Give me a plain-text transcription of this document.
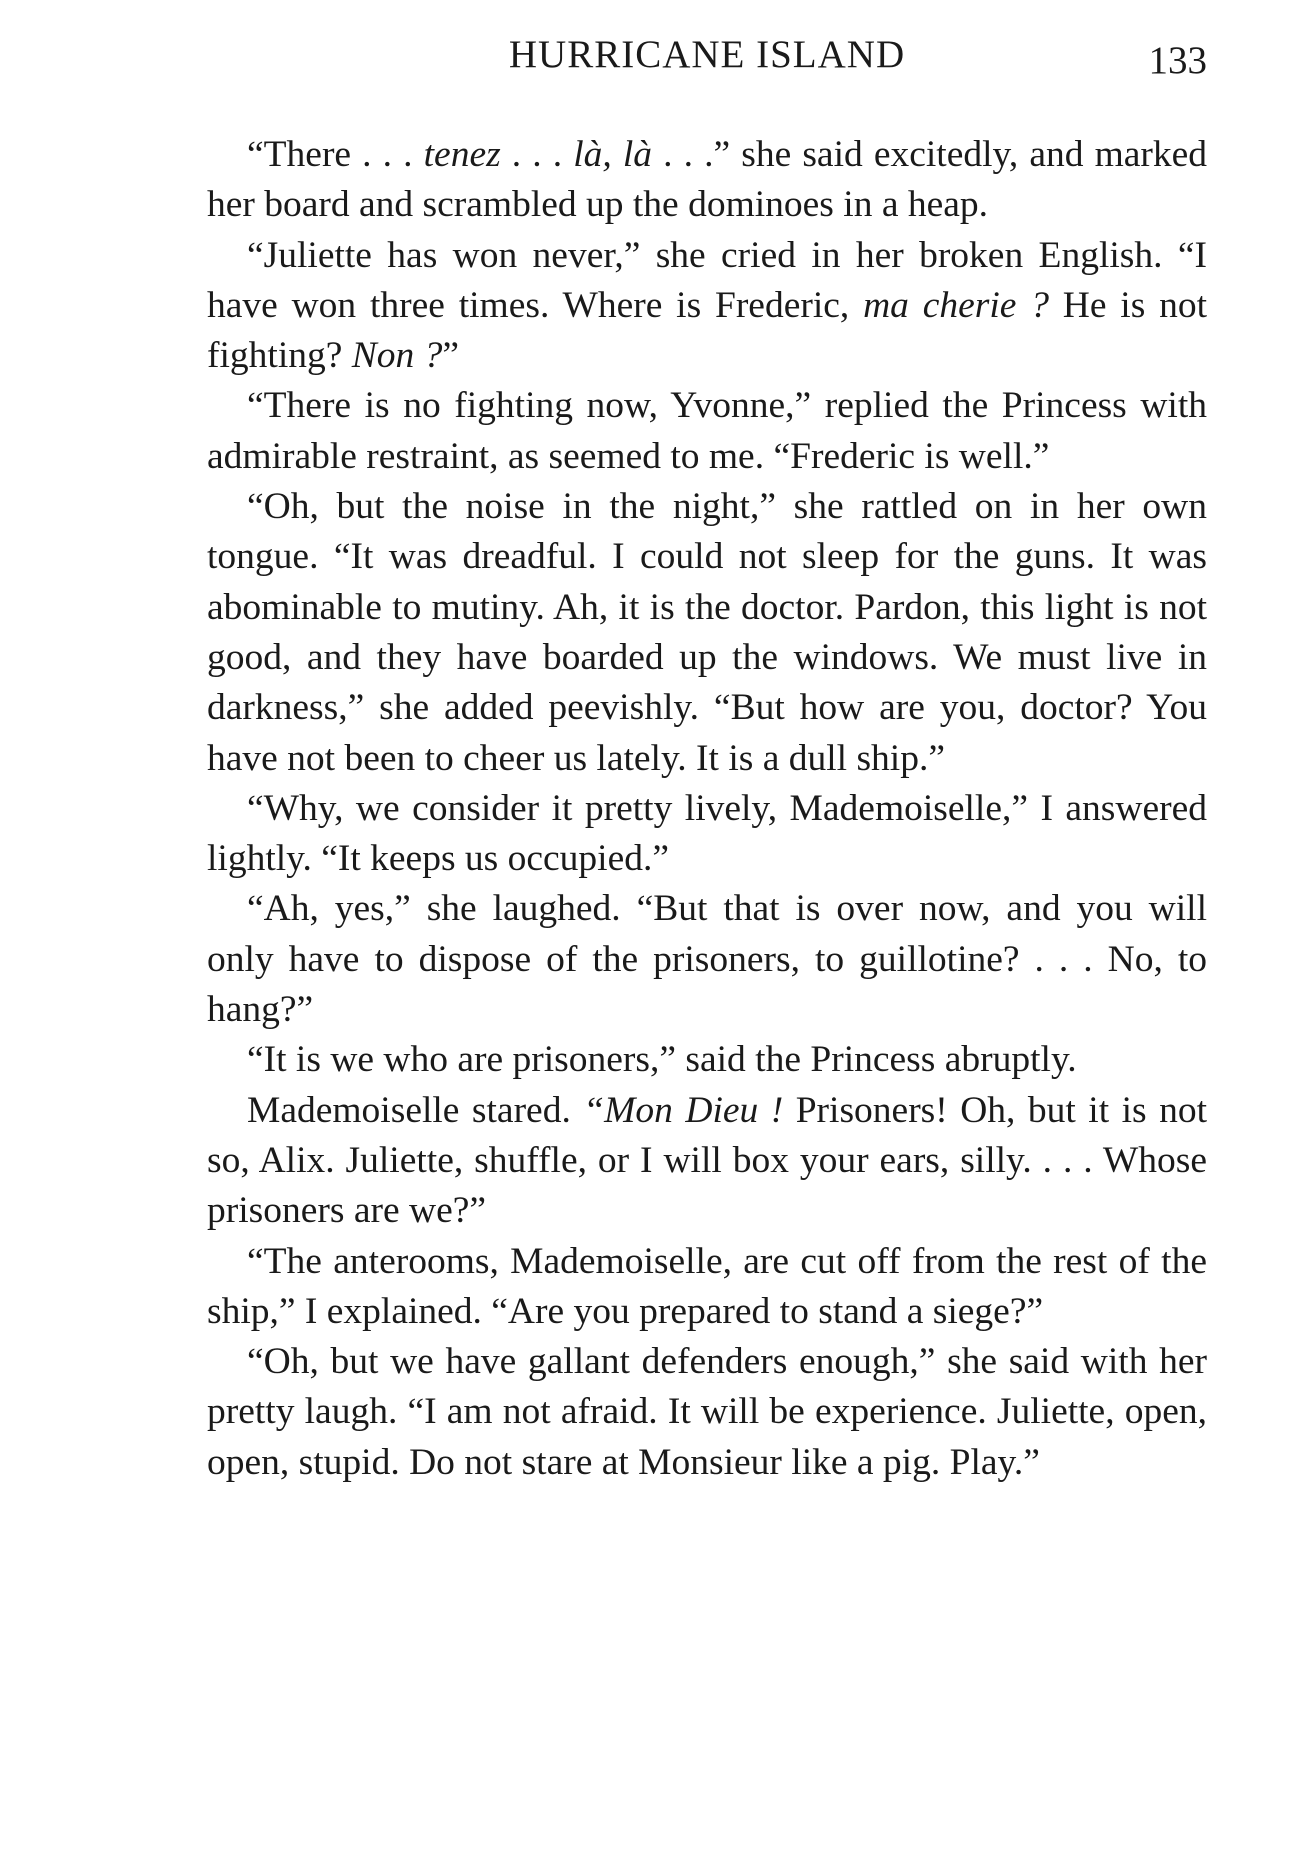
HURRICANE ISLAND	133

“There . . . tenez . . . là, là . . .” she said excitedly, and marked her board and scrambled up the dominoes in a heap.

“Juliette has won never,” she cried in her broken English. “I have won three times. Where is Frederic, ma cherie ? He is not fighting? Non ?”

“There is no fighting now, Yvonne,” replied the Princess with admirable restraint, as seemed to me. “Frederic is well.”

“Oh, but the noise in the night,” she rattled on in her own tongue. “It was dreadful. I could not sleep for the guns. It was abominable to mutiny. Ah, it is the doctor. Pardon, this light is not good, and they have boarded up the windows. We must live in darkness,” she added peevishly. “But how are you, doctor? You have not been to cheer us lately. It is a dull ship.”

“Why, we consider it pretty lively, Mademoiselle,” I answered lightly. “It keeps us occupied.”

“Ah, yes,” she laughed. “But that is over now, and you will only have to dispose of the prisoners, to guillotine? . . . No, to hang?”

“It is we who are prisoners,” said the Princess abruptly.

Mademoiselle stared. “Mon Dieu ! Prisoners! Oh, but it is not so, Alix. Juliette, shuffle, or I will box your ears, silly. . . . Whose prisoners are we?”

“The anterooms, Mademoiselle, are cut off from the rest of the ship,” I explained. “Are you prepared to stand a siege?”

“Oh, but we have gallant defenders enough,” she said with her pretty laugh. “I am not afraid. It will be experience. Juliette, open, open, stupid. Do not stare at Monsieur like a pig. Play.”
